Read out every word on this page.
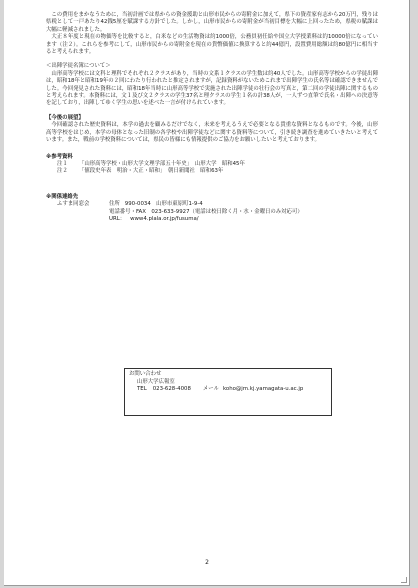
この費用をまかなうために，当初計画では県からの資金援助と山形市民からの寄附金に加えて，県下の資産家有志から20万円，残りは県税として一戸あたり42銭5厘を賦課する方針でした。しかし，山形市民からの寄附金が当初目標を大幅に上回ったため，県税の賦課は大幅に軽減されました。

大正８年度と現在の物価等を比較すると，白米などの生活物資は約1000倍，公務員初任給や国立大学授業料は約10000倍になっています（注２）。これらを参考にして，山形市民からの寄附金を現在の貨幣価値に換算すると約44億円，設置費用総額は約80億円に相当すると考えられます。

＜出陣学徒名簿について＞

山形高等学校には文科と理科でそれぞれ２クラスがあり，当時の文系１クラスの学生数は約40人でした。山形高等学校からの学徒出陣は，昭和18年と昭和19年の２回にわたり行われたと推定されますが，記録資料がないためこれまで出陣学生の氏名等は確認できませんでした。今回発見された資料には，昭和18年当時に山形高等学校で実施された出陣学徒の壮行会の写真と，第二回の学徒出陣に関するものと考えられます。本資料には，文１及び文２クラスの学生37名と理クラスの学生１名の計38人が，一人ずつ直筆で氏名・出陣への決意等を記しており，出陣してゆく学生の思いを述べた一言が付けられています。

【今後の展望】

今回確認された歴史資料は，本学の過去を顧みるだけでなく，未来を考えるうえで必要となる貴重な資料となるものです。今後，山形高等学校をはじめ，本学の母体となった旧制の各学校や出陣学徒などに関する資料等について，引き続き調査を進めていきたいと考えています。また，戦前の学校資料については，県民の皆様にも情報提供のご協力をお願いしたいと考えております。

※参考資料

注１	「山形高等学校・山形大学文理学部五十年史」　山形大学　昭和45年
注２	「値段史年表　明治・大正・昭和」　朝日新聞社　昭和63年

※関係連絡先

ふすま同窓会	住所 990-0034　山形市東原町1-9-4
電話番号・FAX　023-633-9927（電話は校日除く月・水・金曜日のみ対応可）
URL： www4.plala.or.jp/fusuma/
お問い合わせ
山形大学広報室
TEL 023-628-4008	メール koho@jm.kj.yamagata-u.ac.jp
2
